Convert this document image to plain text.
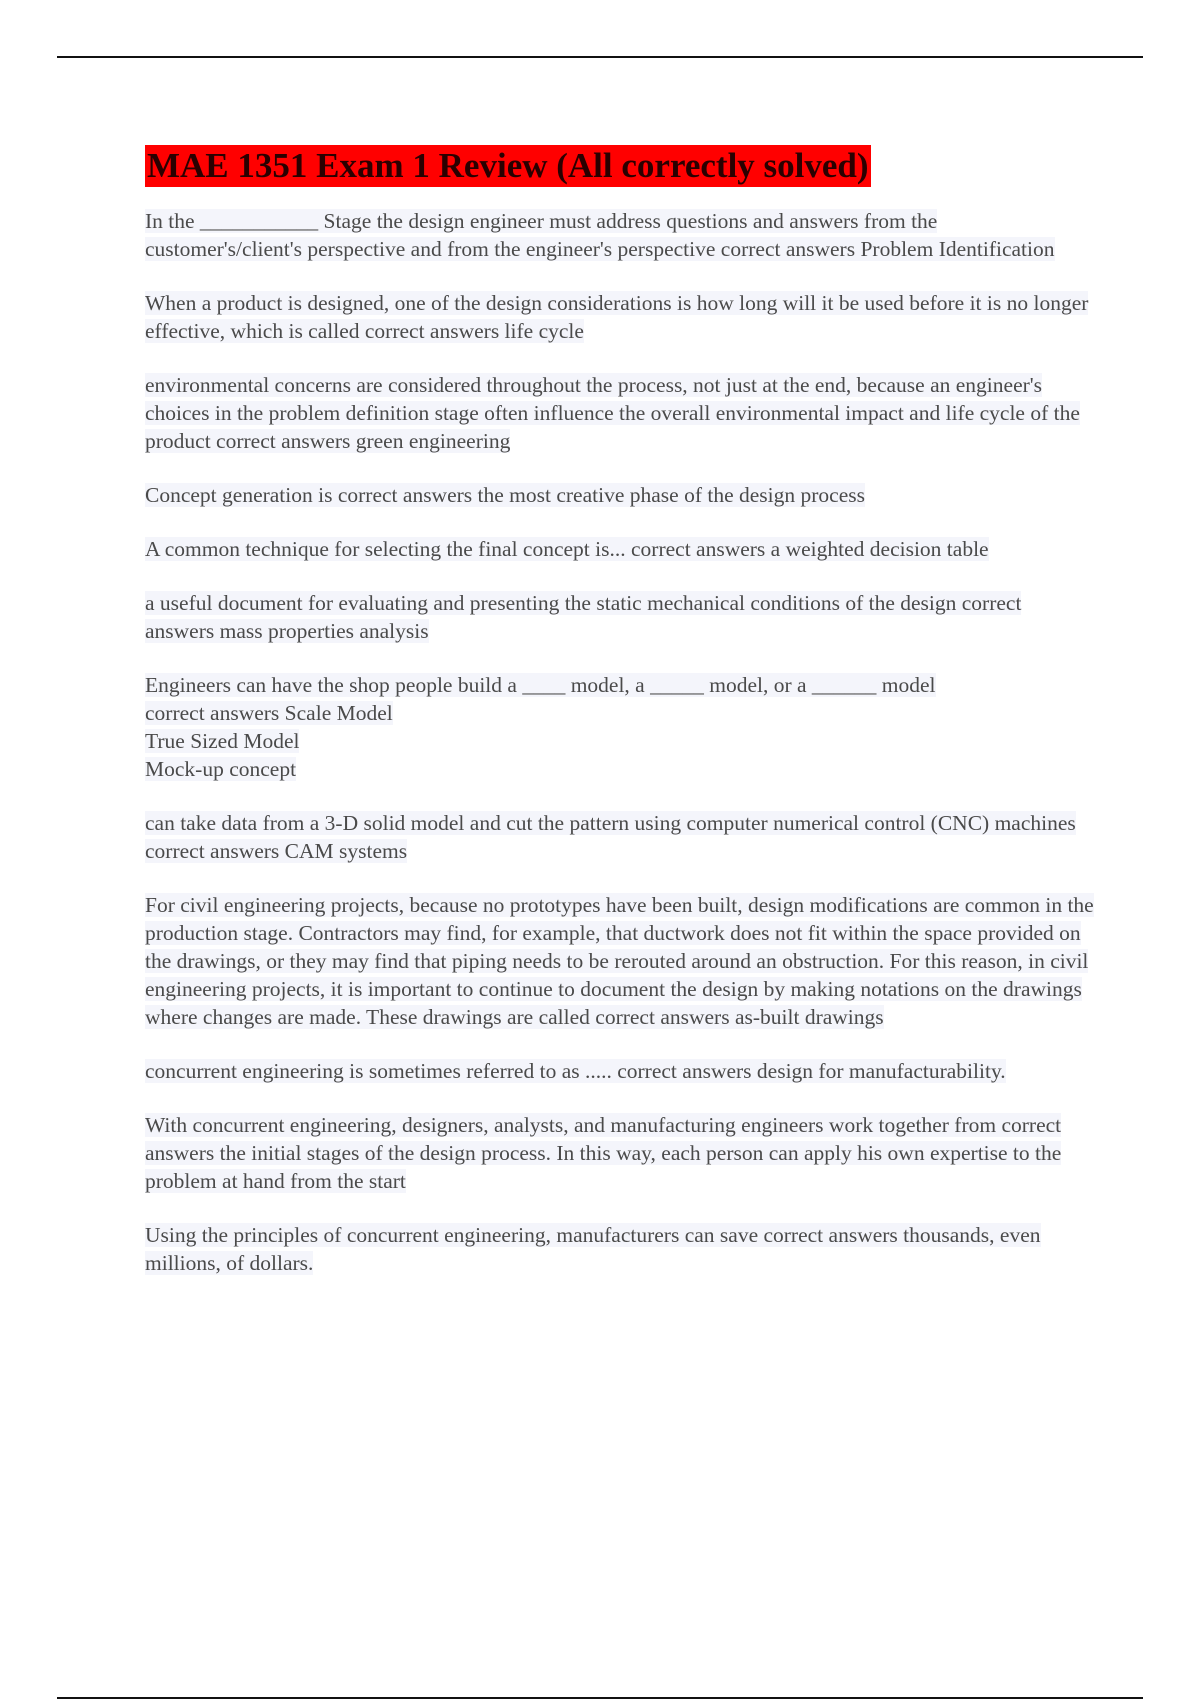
MAE 1351 Exam 1 Review (All correctly solved)

In the ___________ Stage the design engineer must address questions and answers from the customer's/client's perspective and from the engineer's perspective correct answers Problem Identification

When a product is designed, one of the design considerations is how long will it be used before it is no longer effective, which is called correct answers life cycle

environmental concerns are considered throughout the process, not just at the end, because an engineer's choices in the problem definition stage often influence the overall environmental impact and life cycle of the product correct answers green engineering

Concept generation is correct answers the most creative phase of the design process

A common technique for selecting the final concept is... correct answers a weighted decision table

a useful document for evaluating and presenting the static mechanical conditions of the design correct answers mass properties analysis

Engineers can have the shop people build a ____ model, a _____ model, or a ______ model
correct answers Scale Model
True Sized Model
Mock-up concept

can take data from a 3-D solid model and cut the pattern using computer numerical control (CNC) machines correct answers CAM systems

For civil engineering projects, because no prototypes have been built, design modifications are common in the production stage. Contractors may find, for example, that ductwork does not fit within the space provided on the drawings, or they may find that piping needs to be rerouted around an obstruction. For this reason, in civil engineering projects, it is important to continue to document the design by making notations on the drawings where changes are made. These drawings are called correct answers as-built drawings

concurrent engineering is sometimes referred to as ..... correct answers design for manufacturability.

With concurrent engineering, designers, analysts, and manufacturing engineers work together from correct answers the initial stages of the design process. In this way, each person can apply his own expertise to the problem at hand from the start

Using the principles of concurrent engineering, manufacturers can save correct answers thousands, even millions, of dollars.
